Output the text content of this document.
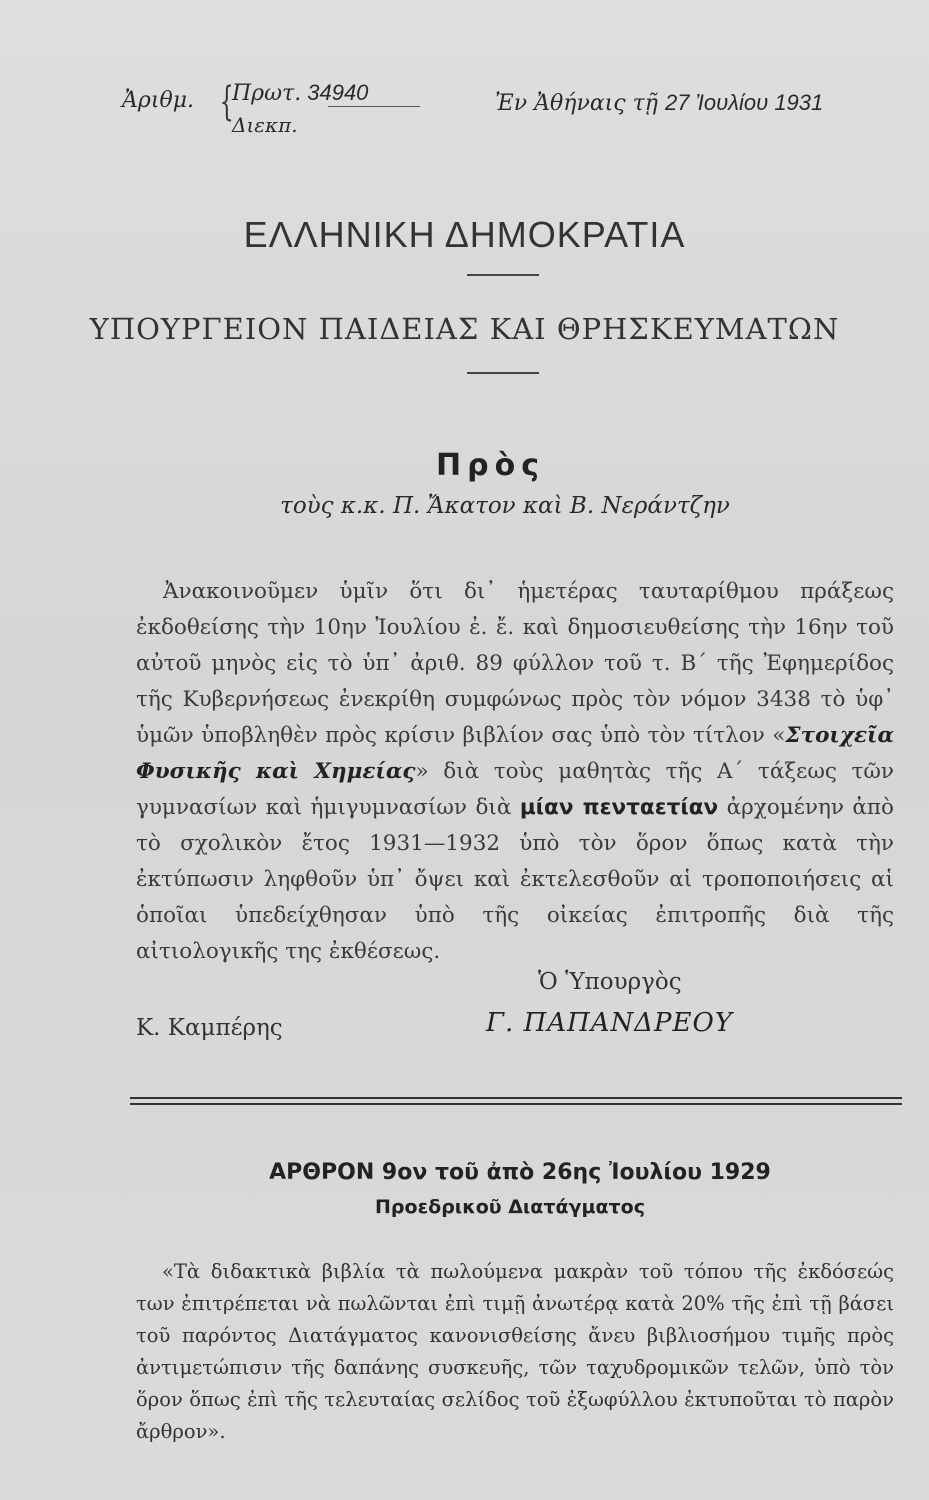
Ἀριθμ. {
Πρωτ. 34940
Διεκπ.
Ἐν Ἀθήναις τῇ 27 Ἰουλίου 1931
ΕΛΛΗΝΙΚΗ ΔΗΜΟΚΡΑΤΙΑ
ΥΠΟΥΡΓΕΙΟΝ ΠΑΙΔΕΙΑΣ ΚΑΙ ΘΡΗΣΚΕΥΜΑΤΩΝ
Πρὸς
τοὺς κ.κ. Π. Ἄκατον καὶ Β. Νεράντζην
Ἀνακοινοῦμεν ὑμῖν ὅτι δι᾽ ἡμετέρας ταυταρίθμου πράξεως ἐκδοθείσης τὴν 10ην Ἰουλίου ἐ. ἔ. καὶ δημοσιευθείσης τὴν 16ην τοῦ αὐτοῦ μηνὸς εἰς τὸ ὑπ᾽ ἀριθ. 89 φύλλον τοῦ τ. Β΄ τῆς Ἐφημερίδος τῆς Κυβερνήσεως ἐνεκρίθη συμφώνως πρὸς τὸν νόμον 3438 τὸ ὑφ᾽ ὑμῶν ὑποβληθὲν πρὸς κρίσιν βιβλίον σας ὑπὸ τὸν τίτλον «Στοιχεῖα Φυσικῆς καὶ Χημείας» διὰ τοὺς μαθητὰς τῆς Α΄ τάξεως τῶν γυμνασίων καὶ ἡμιγυμνασίων διὰ μίαν πενταετίαν ἀρχομένην ἀπὸ τὸ σχολικὸν ἔτος 1931—1932 ὑπὸ τὸν ὅρον ὅπως κατὰ τὴν ἐκτύπωσιν ληφθοῦν ὑπ᾽ ὄψει καὶ ἐκτελεσθοῦν αἱ τροποποιήσεις αἱ ὁποῖαι ὑπεδείχθησαν ὑπὸ τῆς οἰκείας ἐπιτροπῆς διὰ τῆς αἰτιολογικῆς της ἐκθέσεως.
Ὁ Ὑπουργὸς
Κ. Καμπέρης	Γ. ΠΑΠΑΝΔΡΕΟΥ
ΑΡΘΡΟΝ 9ον τοῦ ἀπὸ 26ης Ἰουλίου 1929
Προεδρικοῦ Διατάγματος
«Τὰ διδακτικὰ βιβλία τὰ πωλούμενα μακρὰν τοῦ τόπου τῆς ἐκδόσεώς των ἐπιτρέπεται νὰ πωλῶνται ἐπὶ τιμῇ ἀνωτέρᾳ κατὰ 20% τῆς ἐπὶ τῇ βάσει τοῦ παρόντος Διατάγματος κανονισθείσης ἄνευ βιβλιοσήμου τιμῆς πρὸς ἀντιμετώπισιν τῆς δαπάνης συσκευῆς, τῶν ταχυδρομικῶν τελῶν, ὑπὸ τὸν ὅρον ὅπως ἐπὶ τῆς τελευταίας σελίδος τοῦ ἐξωφύλλου ἐκτυποῦται τὸ παρὸν ἄρθρον».
